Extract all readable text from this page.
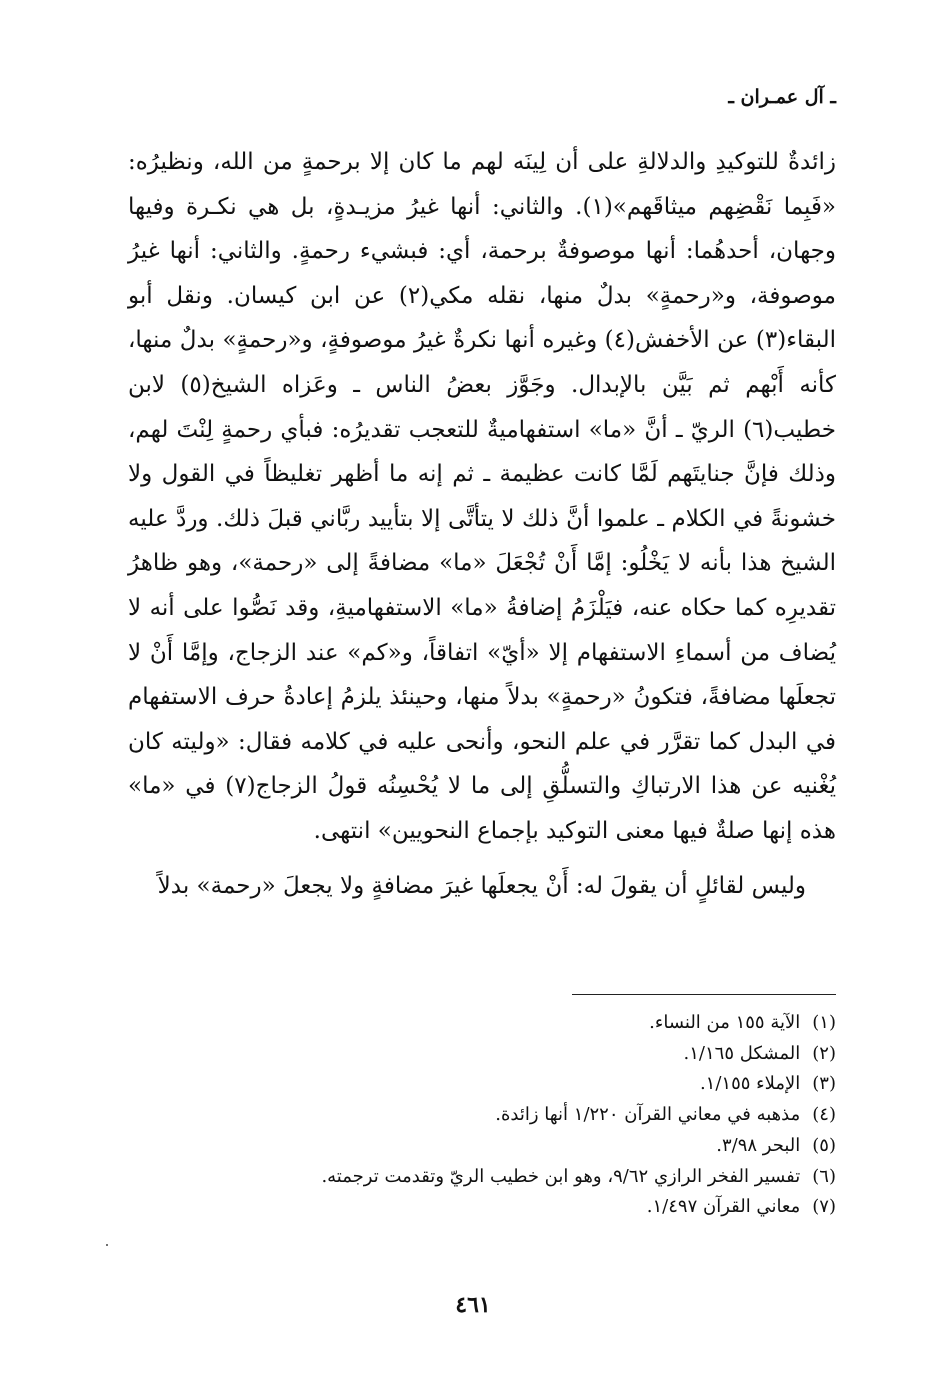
ـ آل عمـران ـ

زائدةٌ للتوكيدِ والدلالةِ على أن لِينَه لهم ما كان إلا برحمةٍ من الله، ونظيرُه: «فَبِما نَقْضِهم ميثاقَهم»(١). والثاني: أنها غيرُ مزيـدةٍ، بل هي نكـرة وفيها وجهان، أحدهُما: أنها موصوفةٌ برحمة، أي: فبشيء رحمةٍ. والثاني: أنها غيرُ موصوفة، و«رحمةٍ» بدلٌ منها، نقله مكي(٢) عن ابن كيسان. ونقل أبو البقاء(٣) عن الأخفش(٤) وغيره أنها نكرةٌ غيرُ موصوفةٍ، و«رحمةٍ» بدلٌ منها، كأنه أَبْهم ثم بَيَّن بالإبدال. وجَوَّز بعضُ الناس ـ وعَزاه الشيخ(٥) لابن خطيب(٦) الريّ ـ أنَّ «ما» استفهاميةٌ للتعجب تقديرُه: فبأي رحمةٍ لِنْتَ لهم، وذلك فإنَّ جنايتَهم لَمَّا كانت عظيمة ـ ثم إنه ما أظهر تغليظاً في القول ولا خشونةً في الكلام ـ علموا أنَّ ذلك لا يتأتَّى إلا بتأييد ربَّاني قبلَ ذلك. وردَّ عليه الشيخ هذا بأنه لا يَخْلُو: إمَّا أَنْ تُجْعَلَ «ما» مضافةً إلى «رحمة»، وهو ظاهرُ تقديرِه كما حكاه عنه، فيَلْزَمُ إضافةُ «ما» الاستفهاميةِ، وقد نَصُّوا على أنه لا يُضاف من أسماءِ الاستفهام إلا «أيّ» اتفاقاً، و«كم» عند الزجاج، وإمَّا أَنْ لا تجعلَها مضافةً، فتكونُ «رحمةٍ» بدلاً منها، وحينئذ يلزمُ إعادةُ حرف الاستفهام في البدل كما تقرَّر في علم النحو، وأنحى عليه في كلامه فقال: «وليته كان يُغْنيه عن هذا الارتباكِ والتسلُّقِ إلى ما لا يُحْسِنُه قولُ الزجاج(٧) في «ما» هذه إنها صلةٌ فيها معنى التوكيد بإجماع النحويين» انتهى.

وليس لقائلٍ أن يقولَ له: أَنْ يجعلَها غيرَ مضافةٍ ولا يجعلَ «رحمة» بدلاً

(١) الآية ١٥٥ من النساء.
(٢) المشكل ١/١٦٥.
(٣) الإملاء ١/١٥٥.
(٤) مذهبه في معاني القرآن ١/٢٢٠ أنها زائدة.
(٥) البحر ٣/٩٨.
(٦) تفسير الفخر الرازي ٩/٦٢، وهو ابن خطيب الريّ وتقدمت ترجمته.
(٧) معاني القرآن ١/٤٩٧.
٤٦١
